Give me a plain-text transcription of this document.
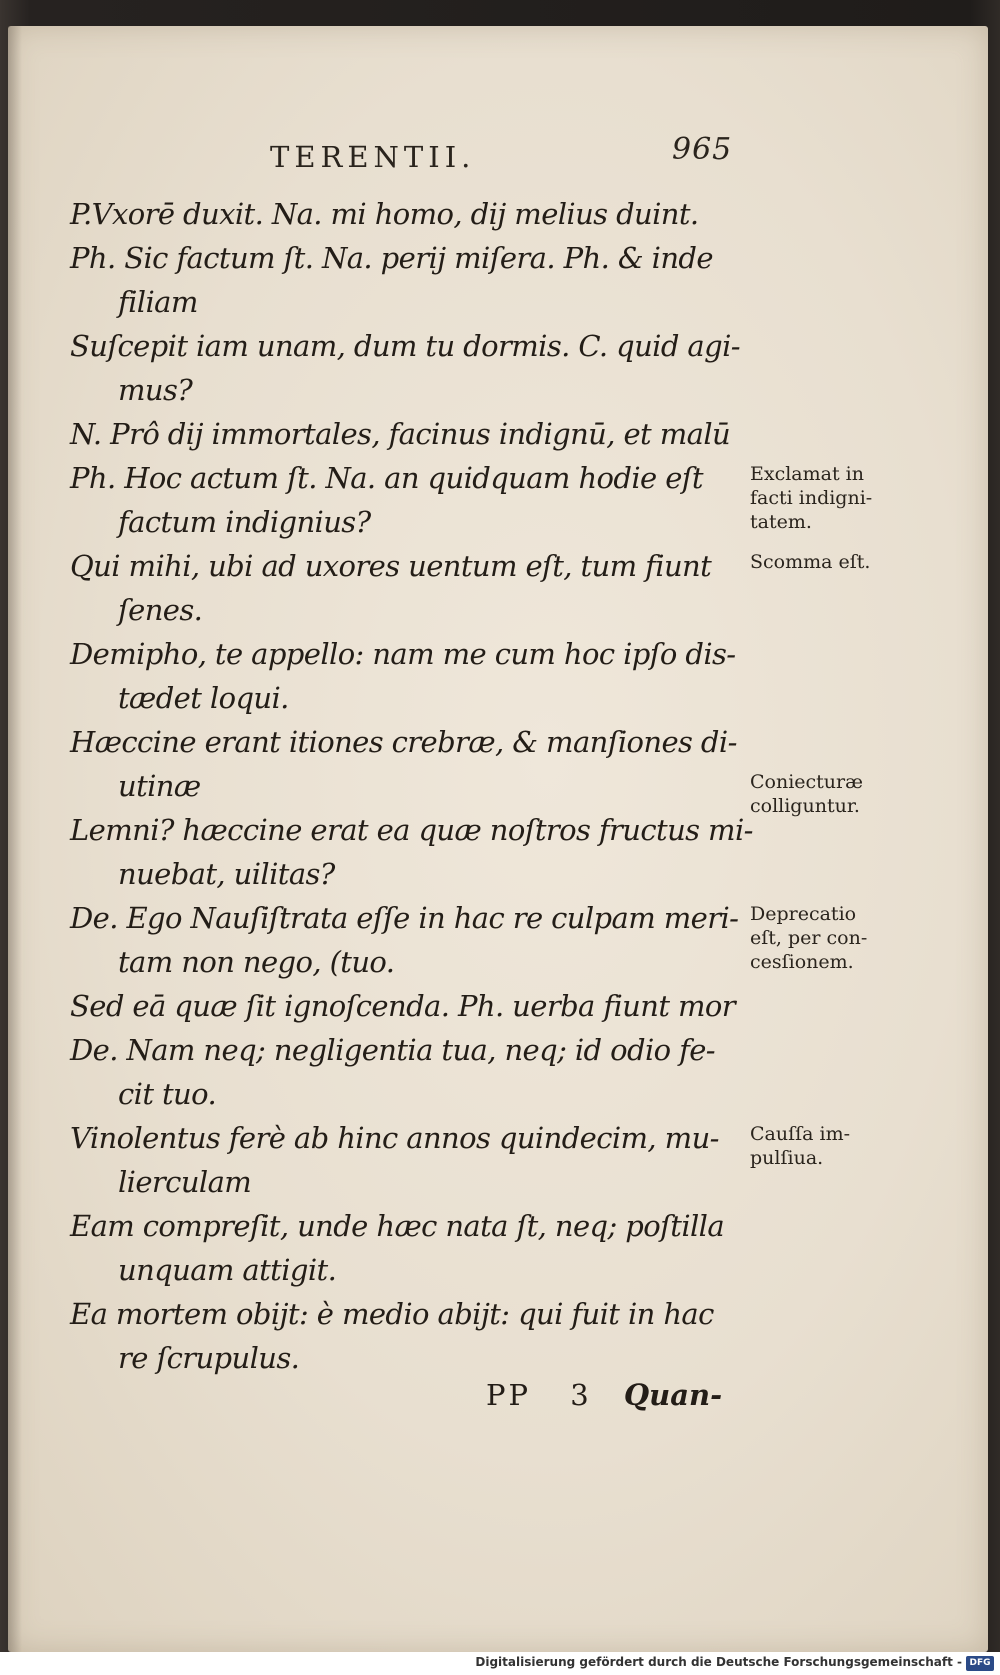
TERENTII.	965
P.Vxorē duxit. Na. mi homo, dij melius duint.
Ph. Sic factum ſt. Na. perij miſera. Ph. & inde
filiam
Suſcepit iam unam, dum tu dormis. C. quid agi-
mus?
N. Prô dij immortales, facinus indignū, et malū
Ph. Hoc actum ſt. Na. an quidquam hodie eſt
factum indignius?
Qui mihi, ubi ad uxores uentum eſt, tum fiunt
ſenes.
Demipho, te appello: nam me cum hoc ipſo dis-
tædet loqui.
Hæccine erant itiones crebræ, & manſiones di-
utinæ
Lemni? hæccine erat ea quæ noſtros fructus mi-
nuebat, uilitas?
De. Ego Nauſiſtrata eſſe in hac re culpam meri-
tam non nego, (tuo.
Sed eā quæ ſit ignoſcenda. Ph. uerba fiunt mor
De. Nam neq; negligentia tua, neq; id odio fe-
cit tuo.
Vinolentus ferè ab hinc annos quindecim, mu-
lierculam
Eam compreſit, unde hæc nata ſt, neq; poſtilla
unquam attigit.
Ea mortem obijt: è medio abijt: qui fuit in hac
re ſcrupulus.
Exclamat in
facti indigni-
tatem.
Scomma eſt.
Coniecturæ
colliguntur.
Deprecatio
eſt, per con-
cesſionem.
Cauſſa im-
pulſiua.
PP 3 Quan-
Digitalisierung gefördert durch die Deutsche Forschungsgemeinschaft - DFG
